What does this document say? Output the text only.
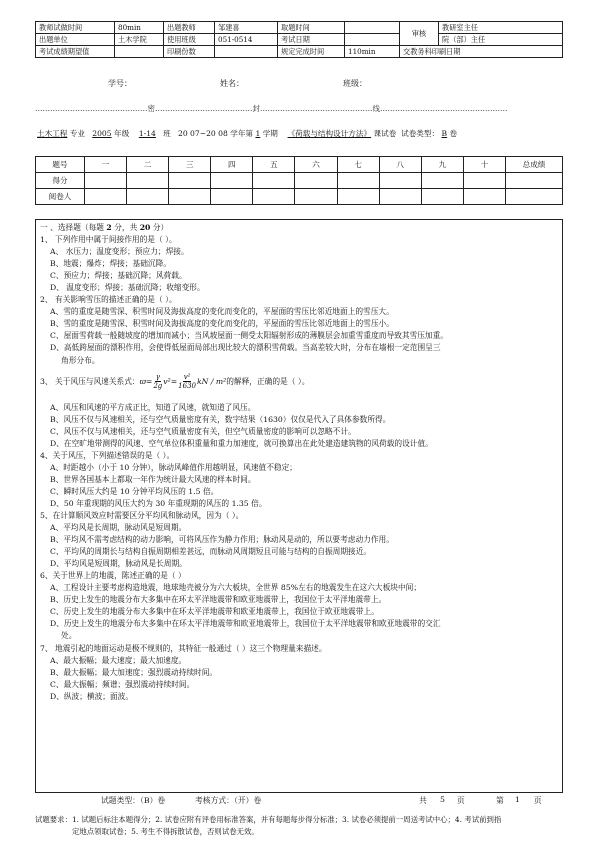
教师试做时间	80min	出题教师	邹建喜	取题时间		审核	教研室主任
出题单位	土木学院	使用班级	051-0514	考试日期			院（部）主任
考试成绩期望值		印刷份数		规定完成时间	110min	交教务科印刷日期	
学号：	姓名：	班级：
………………………………………密…………………………………封………………………………………线……………………………………………
土木工程 专业 2005 年级 1-14 班 20 07~20 08 学年第 1 学期 《荷载与结构设计方法》 课试卷 试卷类型： B 卷
题号	一	二	三	四	五	六	七	八	九	十	总成绩
得分											
阅卷人											
一 、选择题（每题 2 分，共 20 分）
1、 下列作用中属于间接作用的是（ ）。
A、 水压力；温度变形；预应力；焊接。
B、地震；爆炸；焊接；基础沉降。
C、预应力；焊接；基础沉降；风荷载。
D、 温度变形；焊接；基础沉降；收缩变形。
2、 有关影响雪压的描述正确的是（ ）。
A、雪的重度是随雪深、积雪时间及海拔高度的变化而变化的，平屋面的雪压比邻近地面上的雪压大。
B、雪的重度是随雪深、积雪时间及海拔高度的变化而变化的，平屋面的雪压比邻近地面上的雪压小。
C、屋面雪荷载一般随坡度的增加而减小；当风坡屋面一侧受太阳辐射形成的薄膜层会加重雪重度而导致其雪压加重。
D、高低跨屋面的漂积作用，会使得低屋面局部出现比较大的漂积雪荷载。当高差较大时，分布在墙根一定范围呈三
角形分布。
3、 关于风压与风速关系式： $ϖ = \frac{\gamma}{2g} v^2 = \frac{\text{v²}}{1630}$ kN / m² 的解释，正确的是（ ）。
A、风压和风速的平方成正比，知道了风速，就知道了风压。
B、风压不仅与风速相关，还与空气质量密度有关，数字结果（1630）仅仅是代入了具体参数所得。
C、风压不仅与风速相关，还与空气质量密度有关，但空气质量密度的影响可以忽略不计。
D、在空旷地带测得的风速、空气单位体积重量和重力加速度，就可换算出在此处建造建筑物的风荷载的设计值。
4、关于风压，下列描述错误的是（ ）。
A、时距越小（小于 10 分钟），脉动风峰值作用越明显，风速值不稳定；
B、世界各国基本上都取一年作为统计最大风速的样本时间。
C、瞬时风压大约是 10 分钟平均风压的 1.5 倍。
D、50 年重现期的风压大约为 30 年重现期的风压的 1.35 倍。
5、在计算顺风效应时需要区分平均风和脉动风，因为（ ）。
A、平均风是长周期，脉动风是短周期。
B、平均风不需考虑结构的动力影响，可将风压作为静力作用；脉动风是动的，所以要考虑动力作用。
C、平均风的周期长与结构自振周期相差甚远，而脉动风周期短且可能与结构的自振周期接近。
D、平均风是短周期，脉动风是长周期。
6、关于世界上的地震，陈述正确的是（ ）
A、工程设计主要考虑构造地震，地球地壳被分为六大板块，全世界 85%左右的地震发生在这六大板块中间；
B、历史上发生的地震分布大多集中在环太平洋地震带和欧亚地震带上，我国位于太平洋地震带上。
C、历史上发生的地震分布大多集中在环太平洋地震带和欧亚地震带上，我国位于欧亚地震带上。
D、历史上发生的地震分布大多集中在环太平洋地震带和欧亚地震带上，我国位于太平洋地震带和欧亚地震带的交汇
处。
7、 地震引起的地面运动是极不规则的，其特征一般通过（ ）这三个物理量来描述。
A、最大振幅；最大速度；最大加速度。
B、最大振幅；最大加速度；强烈震动持续时间。
C、最大振幅；频谱；强烈震动持续时间。
D、纵波；横波；面波。
试题类型：（B）卷	考核方式：（开）卷	共 5 页	第 1 页
试题要求：1. 试题后标注本题得分；2. 试卷应附有评卷用标准答案，并有每题每步得分标准；3. 试卷必须提前一周送考试中心；4. 考试前到指
定地点领取试卷；5. 考生不得拆散试卷，否则试卷无效。
